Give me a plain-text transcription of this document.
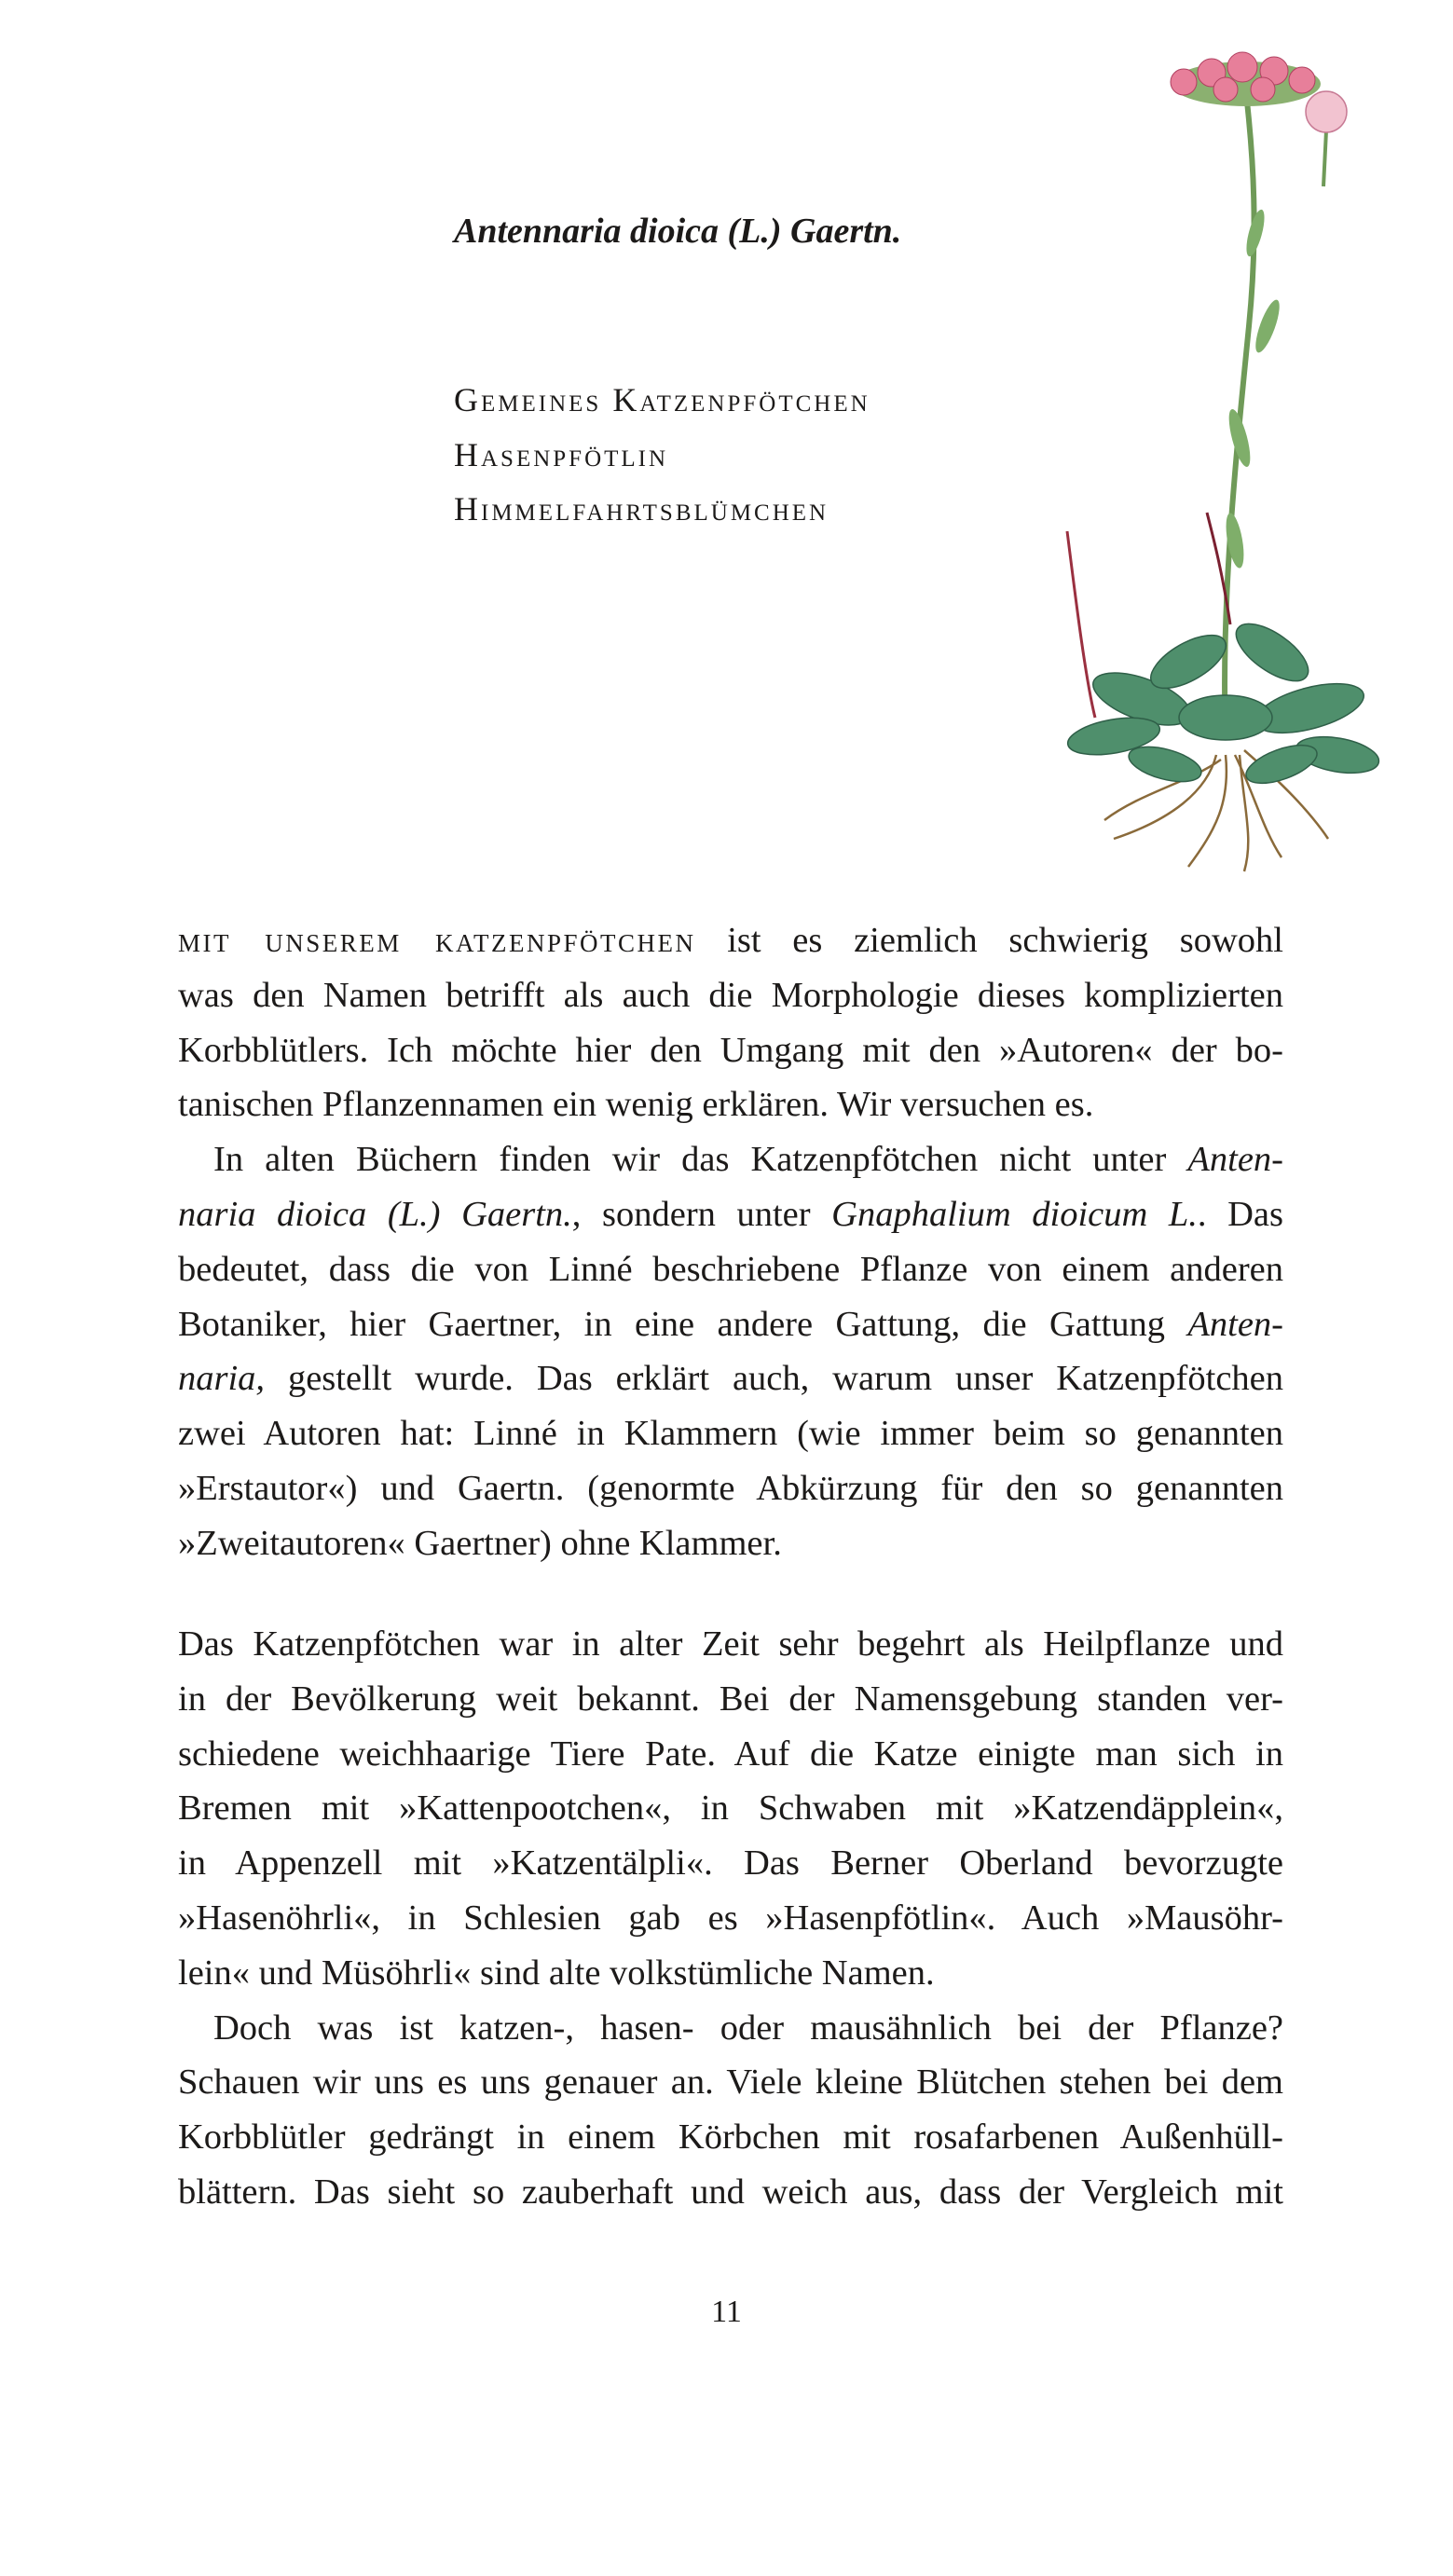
Antennaria dioica (L.) Gaertn.
Gemeines Katzenpfötchen
Hasenpfötlin
Himmelfahrtsblümchen
mit unserem katzenpfötchen ist es ziemlich schwierig sowohl
was den Namen betrifft als auch die Morphologie dieses komplizierten
Korbblütlers. Ich möchte hier den Umgang mit den »Autoren« der bo-
tanischen Pflanzennamen ein wenig erklären. Wir versuchen es.
In alten Büchern finden wir das Katzenpfötchen nicht unter Anten-
naria dioica (L.) Gaertn., sondern unter Gnaphalium dioicum L.. Das
bedeutet, dass die von Linné beschriebene Pflanze von einem anderen
Botaniker, hier Gaertner, in eine andere Gattung, die Gattung Anten-
naria, gestellt wurde. Das erklärt auch, warum unser Katzenpfötchen
zwei Autoren hat: Linné in Klammern (wie immer beim so genannten
»Erstautor«) und Gaertn. (genormte Abkürzung für den so genannten
»Zweitautoren« Gaertner) ohne Klammer.
Das Katzenpfötchen war in alter Zeit sehr begehrt als Heilpflanze und
in der Bevölkerung weit bekannt. Bei der Namensgebung standen ver-
schiedene weichhaarige Tiere Pate. Auf die Katze einigte man sich in
Bremen mit »Kattenpootchen«, in Schwaben mit »Katzendäpplein«,
in Appenzell mit »Katzentälpli«. Das Berner Oberland bevorzugte
»Hasenöhrli«, in Schlesien gab es »Hasenpfötlin«. Auch »Mausöhr-
lein« und Müsöhrli« sind alte volkstümliche Namen.
Doch was ist katzen-, hasen- oder mausähnlich bei der Pflanze?
Schauen wir uns es uns genauer an. Viele kleine Blütchen stehen bei dem
Korbblütler gedrängt in einem Körbchen mit rosafarbenen Außenhüll-
blättern. Das sieht so zauberhaft und weich aus, dass der Vergleich mit
11
